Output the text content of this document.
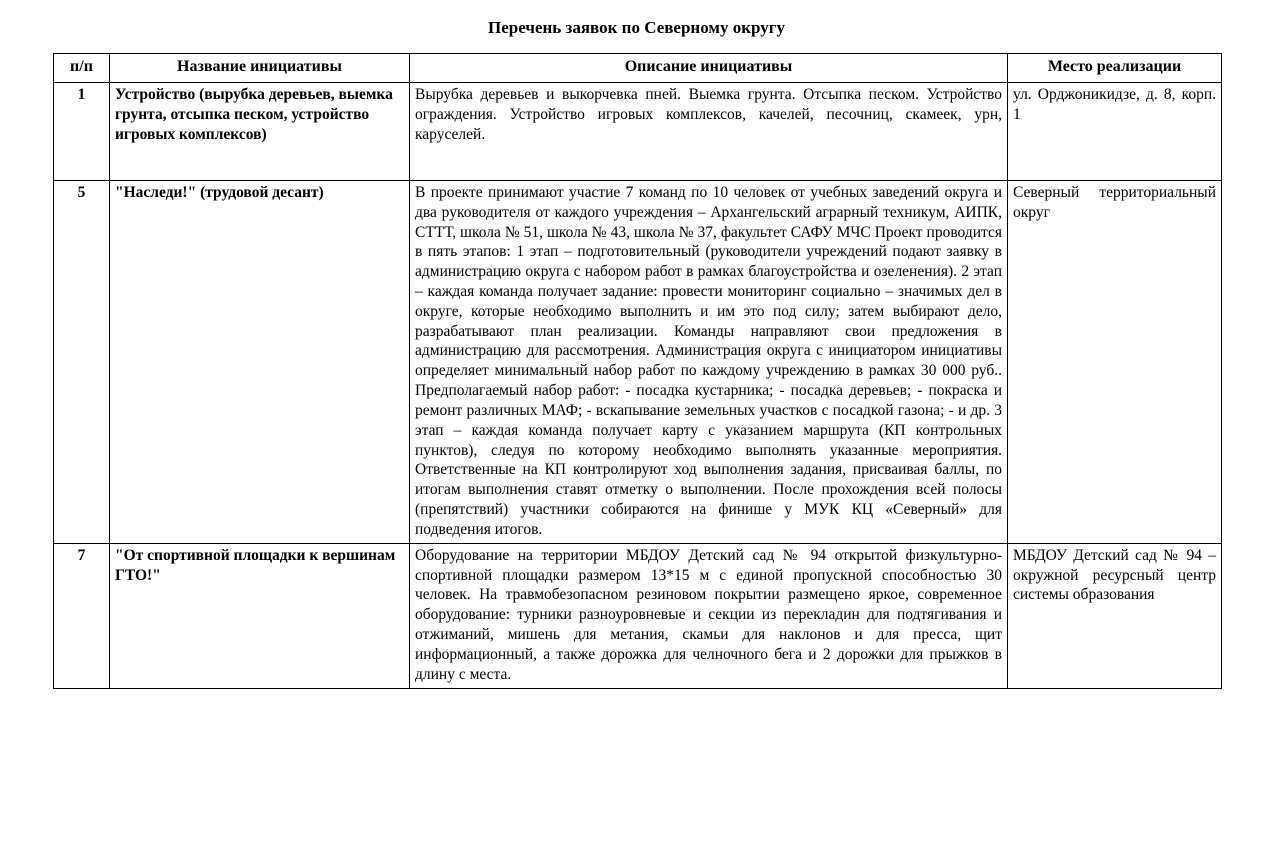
Перечень заявок по Северному округу
п/п	Название инициативы	Описание инициативы	Место реализации
1	Устройство (вырубка деревьев, выемка грунта, отсыпка песком, устройство игровых комплексов)	Вырубка деревьев и выкорчевка пней. Выемка грунта. Отсыпка песком. Устройство ограждения. Устройство игровых комплексов, качелей, песочниц, скамеек, урн, каруселей.	ул. Орджоникидзе, д. 8, корп. 1
5	"Наследи!" (трудовой десант)	В проекте принимают участие 7 команд по 10 человек от учебных заведений округа и два руководителя от каждого учреждения – Архангельский аграрный техникум, АИПК, СТТТ, школа № 51, школа № 43, школа № 37, факультет САФУ МЧС Проект проводится в пять этапов: 1 этап – подготовительный (руководители учреждений подают заявку в администрацию округа с набором работ в рамках благоустройства и озеленения). 2 этап – каждая команда получает задание: провести мониторинг социально – значимых дел в округе, которые необходимо выполнить и им это под силу; затем выбирают дело, разрабатывают план реализации. Команды направляют свои предложения в администрацию для рассмотрения. Администрация округа с инициатором инициативы определяет минимальный набор работ по каждому учреждению в рамках 30 000 руб.. Предполагаемый набор работ: - посадка кустарника; - посадка деревьев; - покраска и ремонт различных МАФ; - вскапывание земельных участков с посадкой газона; - и др. 3 этап – каждая команда получает карту с указанием маршрута (КП контрольных пунктов), следуя по которому необходимо выполнять указанные мероприятия. Ответственные на КП контролируют ход выполнения задания, присваивая баллы, по итогам выполнения ставят отметку о выполнении. После прохождения всей полосы (препятствий) участники собираются на финише у МУК КЦ «Северный» для подведения итогов.	Северный территориальный округ
7	"От спортивной площадки к вершинам ГТО!"	Оборудование на территории МБДОУ Детский сад № 94 открытой физкультурно-спортивной площадки размером 13*15 м с единой пропускной способностью 30 человек. На травмобезопасном резиновом покрытии размещено яркое, современное оборудование: турники разноуровневые и секции из перекладин для подтягивания и отжиманий, мишень для метания, скамьи для наклонов и для пресса, щит информационный, а также дорожка для челночного бега и 2 дорожки для прыжков в длину с места.	МБДОУ Детский сад № 94 – окружной ресурсный центр системы образования
